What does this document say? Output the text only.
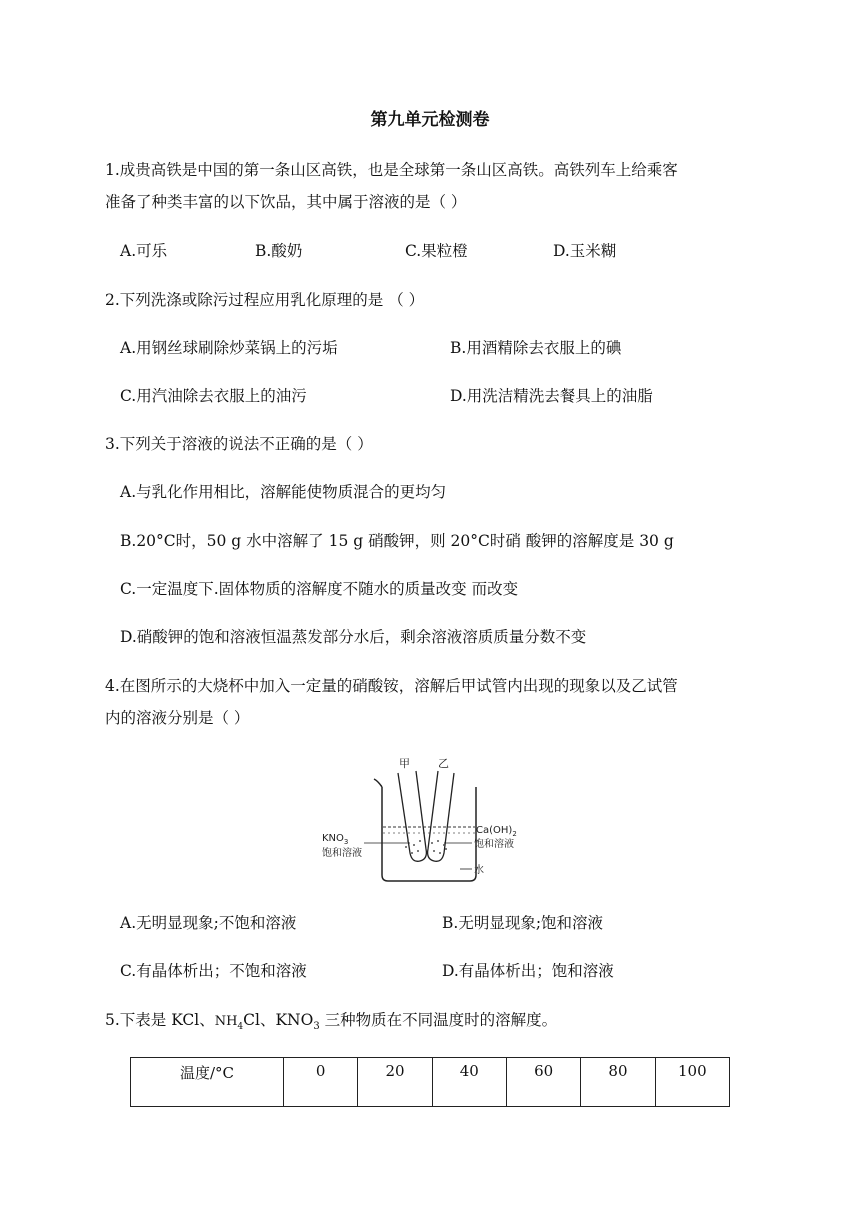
第九单元检测卷
1.成贵高铁是中国的第一条山区高铁，也是全球第一条山区高铁。高铁列车上给乘客
准备了种类丰富的以下饮品，其中属于溶液的是（ ）
A.可乐	B.酸奶	C.果粒橙	D.玉米糊
2.下列洗涤或除污过程应用乳化原理的是 （ ）
A.用钢丝球刷除炒菜锅上的污垢	B.用酒精除去衣服上的碘
C.用汽油除去衣服上的油污	D.用洗洁精洗去餐具上的油脂
3.下列关于溶液的说法不正确的是（ ）
A.与乳化作用相比，溶解能使物质混合的更均匀
B.20°C时，50 g 水中溶解了 15 g 硝酸钾，则 20°C时硝 酸钾的溶解度是 30 g
C.一定温度下.固体物质的溶解度不随水的质量改变 而改变
D.硝酸钾的饱和溶液恒温蒸发部分水后，剩余溶液溶质质量分数不变
4.在图所示的大烧杯中加入一定量的硝酸铵，溶解后甲试管内出现的现象以及乙试管
内的溶液分别是（ ）
甲	乙
$KNO_3$
饱和溶液
$Ca(OH)_2$
饱和溶液
水
A.无明显现象;不饱和溶液	B.无明显现象;饱和溶液
C.有晶体析出；不饱和溶液	D.有晶体析出；饱和溶液
5.下表是 KCl、$NH_4Cl$、$KNO_3$ 三种物质在不同温度时的溶解度。
温度/°C	0	20	40	60	80	100
